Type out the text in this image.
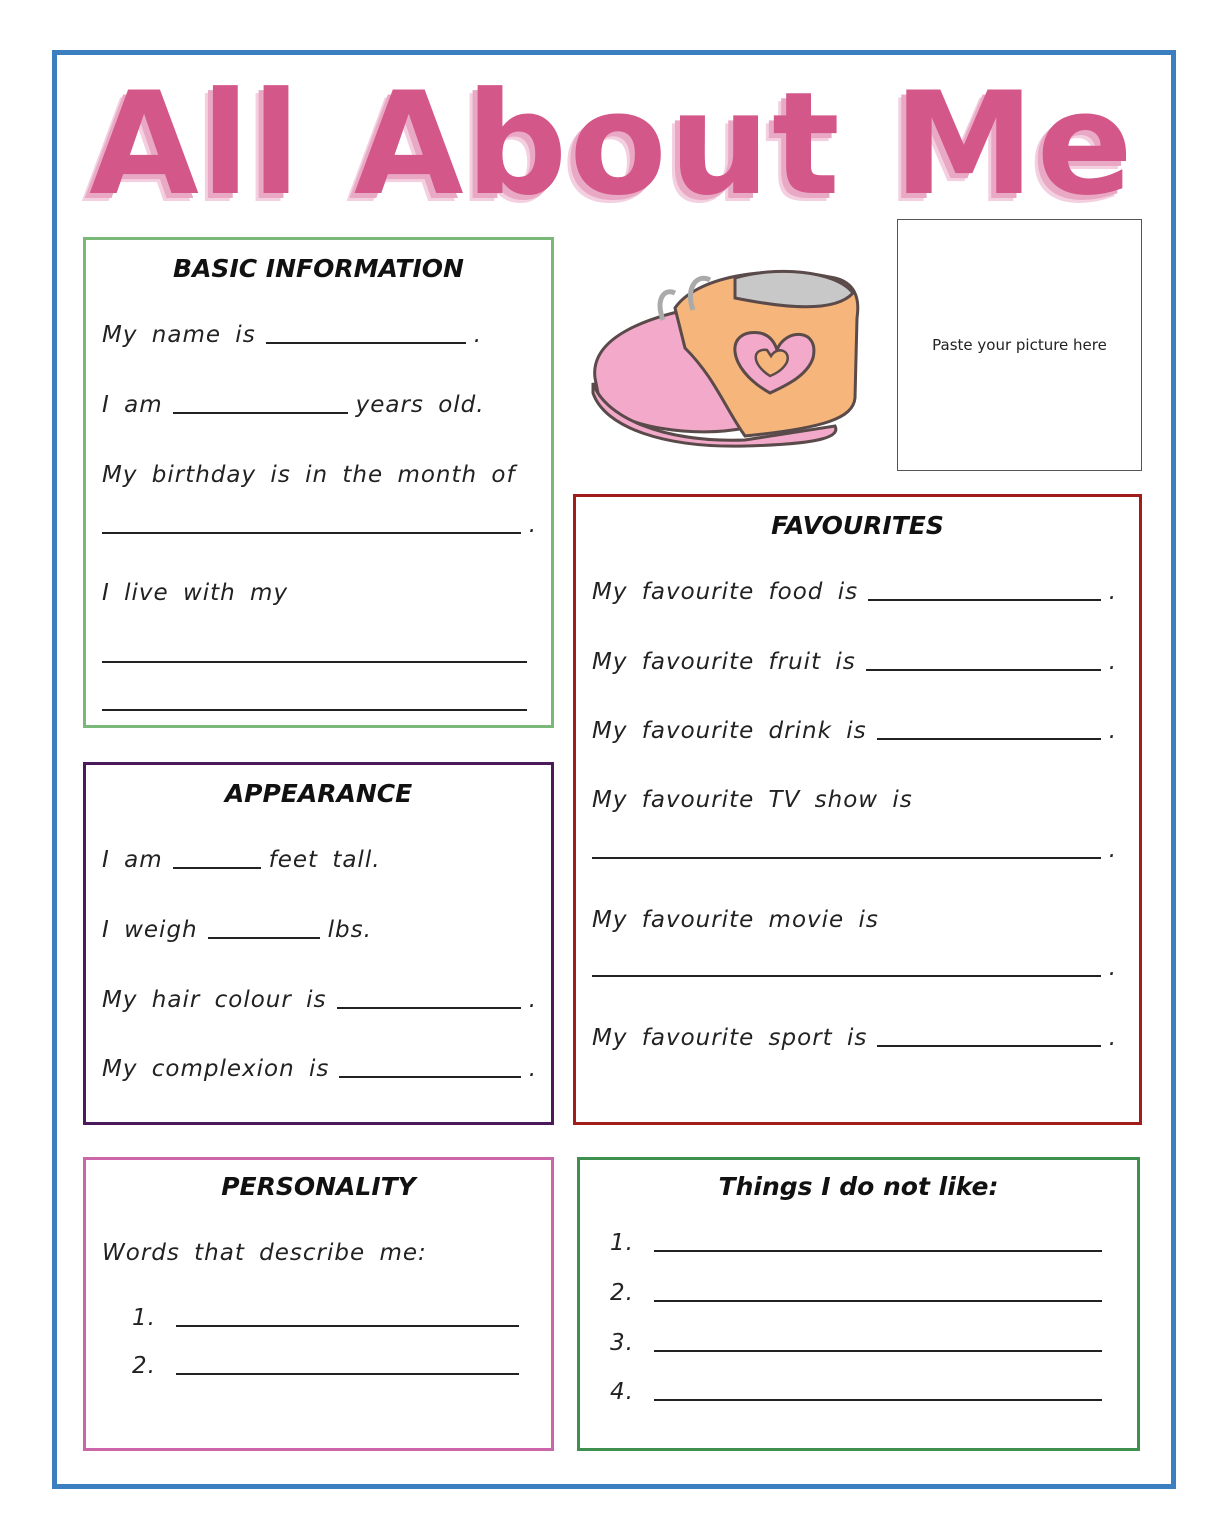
All About Me
Paste your picture here
BASIC INFORMATION
My name is	.
I am	years old.
My birthday is in the month of
.
I live with my
APPEARANCE
I am	feet tall.
I weigh	lbs.
My hair colour is	.
My complexion is	.
PERSONALITY
Words that describe me:
1.
2.
FAVOURITES
My favourite food is	.
My favourite fruit is	.
My favourite drink is	.
My favourite TV show is
.
My favourite movie is
.
My favourite sport is	.
Things I do not like:
1.
2.
3.
4.
